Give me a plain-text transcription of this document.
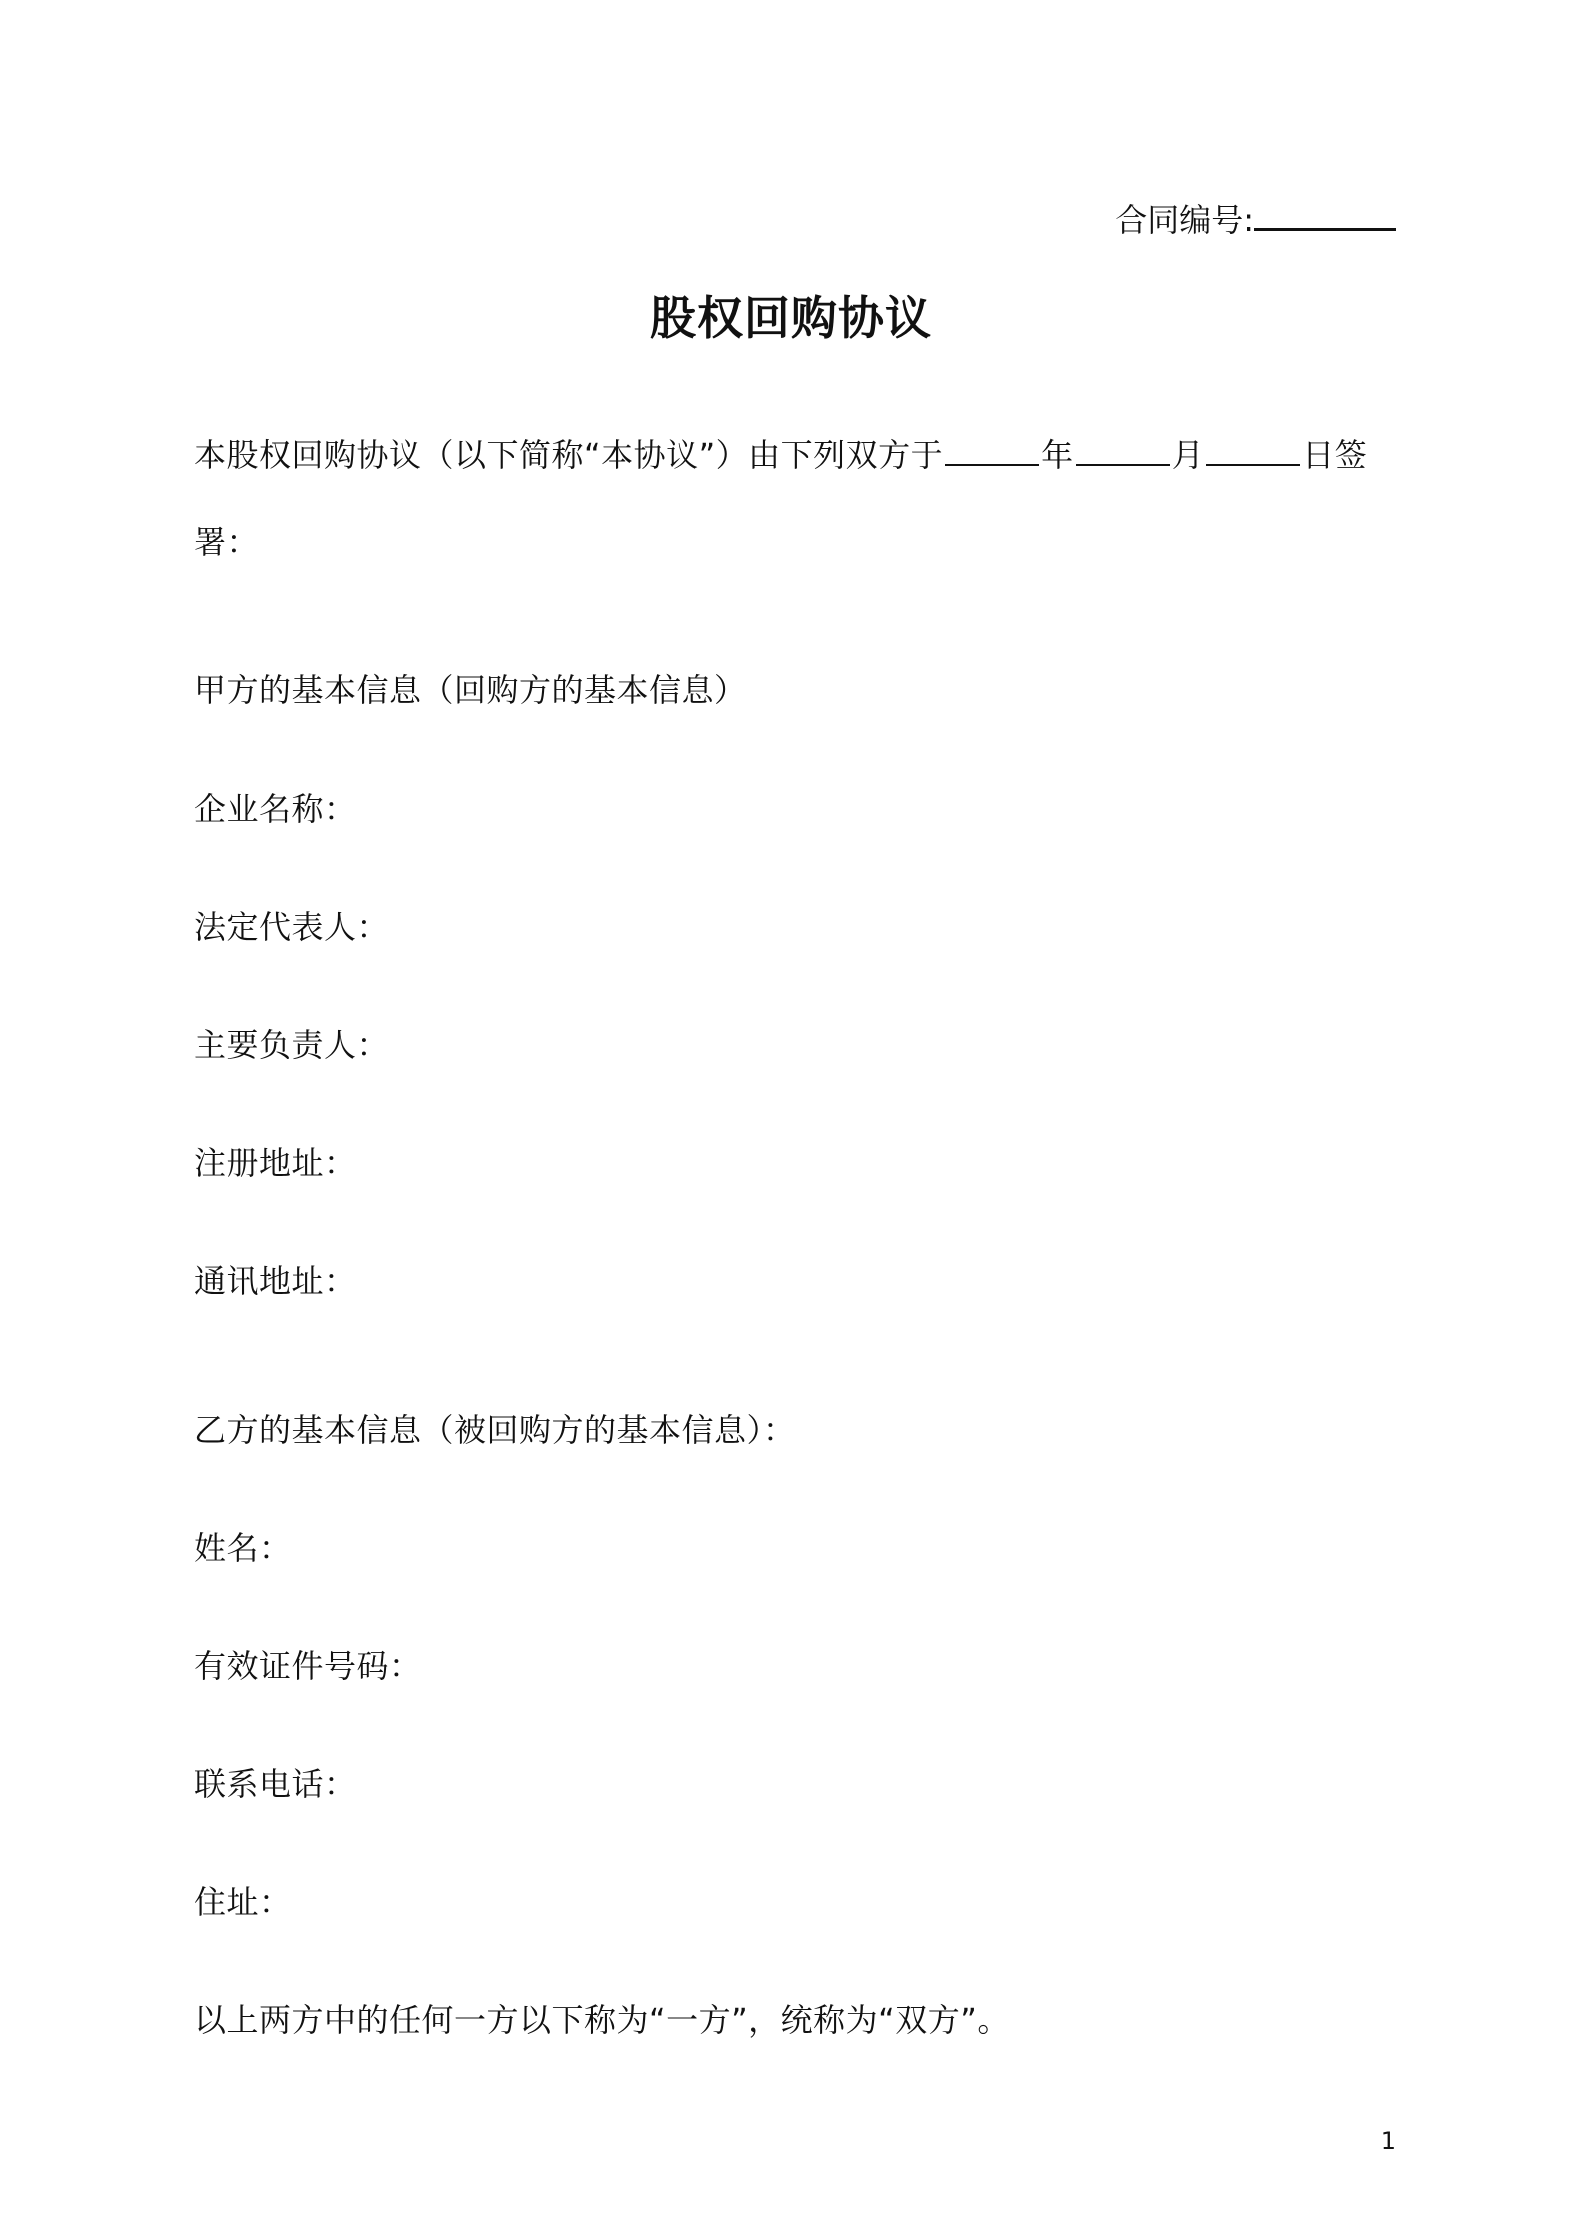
合同编号:
股权回购协议
本股权回购协议（以下简称“本协议”）由下列双方于	年	月	日签
署：
甲方的基本信息（回购方的基本信息）
企业名称：
法定代表人：
主要负责人：
注册地址：
通讯地址：
乙方的基本信息（被回购方的基本信息）：
姓名：
有效证件号码：
联系电话：
住址：
以上两方中的任何一方以下称为“一方”，统称为“双方”。
1
